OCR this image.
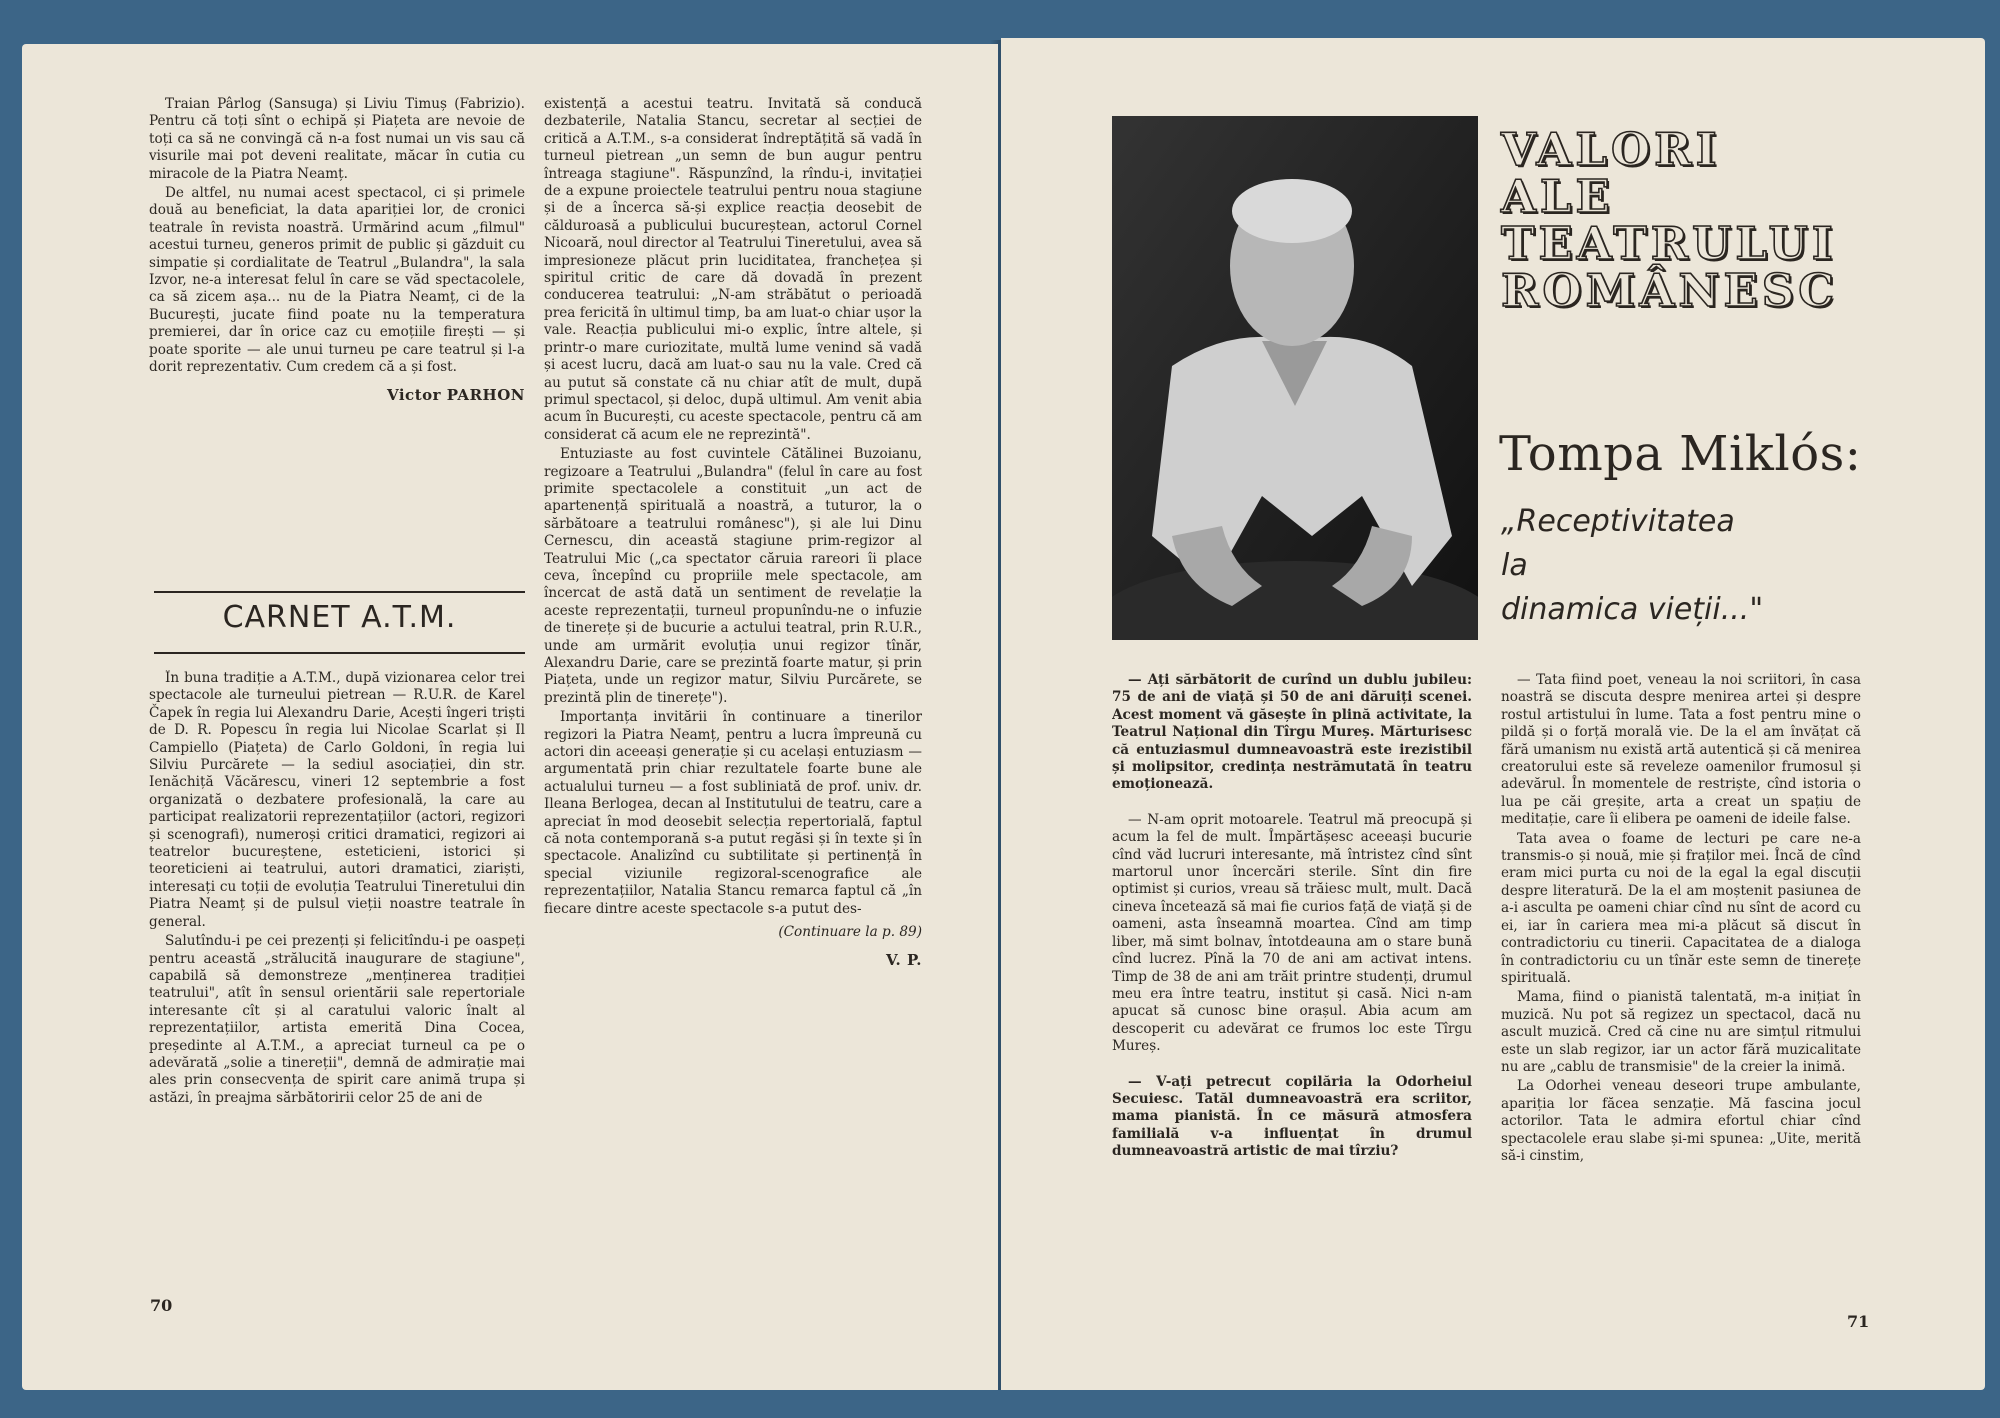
Traian Pârlog (Sansuga) și Liviu Timuș (Fabrizio). Pentru că toți sînt o echipă și Piațeta are nevoie de toți ca să ne convingă că n-a fost numai un vis sau că visurile mai pot deveni realitate, măcar în cutia cu miracole de la Piatra Neamț.

De altfel, nu numai acest spectacol, ci și primele două au beneficiat, la data apariției lor, de cronici teatrale în revista noastră. Urmărind acum „filmul" acestui turneu, generos primit de public și găzduit cu simpatie și cordialitate de Teatrul „Bulandra", la sala Izvor, ne-a interesat felul în care se văd spectacolele, ca să zicem așa... nu de la Piatra Neamț, ci de la București, jucate fiind poate nu la temperatura premierei, dar în orice caz cu emoțiile firești — și poate sporite — ale unui turneu pe care teatrul și l-a dorit reprezentativ. Cum credem că a și fost.

Victor PARHON
CARNET A.T.M.

În buna tradiție a A.T.M., după vizionarea celor trei spectacole ale turneului pietrean — R.U.R. de Karel Čapek în regia lui Alexandru Darie, Acești îngeri triști de D. R. Popescu în regia lui Nicolae Scarlat și Il Campiello (Piațeta) de Carlo Goldoni, în regia lui Silviu Purcărete — la sediul asociației, din str. Ienăchiță Văcărescu, vineri 12 septembrie a fost organizată o dezbatere profesională, la care au participat realizatorii reprezentațiilor (actori, regizori și scenografi), numeroși critici dramatici, regizori ai teatrelor bucureștene, esteticieni, istorici și teoreticieni ai teatrului, autori dramatici, ziariști, interesați cu toții de evoluția Teatrului Tineretului din Piatra Neamț și de pulsul vieții noastre teatrale în general.

Salutîndu-i pe cei prezenți și felicitîndu-i pe oaspeți pentru această „strălucită inaugurare de stagiune", capabilă să demonstreze „menținerea tradiției teatrului", atît în sensul orientării sale repertoriale interesante cît și al caratului valoric înalt al reprezentațiilor, artista emerită Dina Cocea, președinte al A.T.M., a apreciat turneul ca pe o adevărată „solie a tinereții", demnă de admirație mai ales prin consecvența de spirit care animă trupa și astăzi, în preajma sărbătoririi celor 25 de ani de

existență a acestui teatru. Invitată să conducă dezbaterile, Natalia Stancu, secretar al secției de critică a A.T.M., s-a considerat îndreptățită să vadă în turneul pietrean „un semn de bun augur pentru întreaga stagiune". Răspunzînd, la rîndu-i, invitației de a expune proiectele teatrului pentru noua stagiune și de a încerca să-și explice reacția deosebit de călduroasă a publicului bucureștean, actorul Cornel Nicoară, noul director al Teatrului Tineretului, avea să impresioneze plăcut prin luciditatea, franchețea și spiritul critic de care dă dovadă în prezent conducerea teatrului: „N-am străbătut o perioadă prea fericită în ultimul timp, ba am luat-o chiar ușor la vale. Reacția publicului mi-o explic, între altele, și printr-o mare curiozitate, multă lume venind să vadă și acest lucru, dacă am luat-o sau nu la vale. Cred că au putut să constate că nu chiar atît de mult, după primul spectacol, și deloc, după ultimul. Am venit abia acum în București, cu aceste spectacole, pentru că am considerat că acum ele ne reprezintă".

Entuziaste au fost cuvintele Cătălinei Buzoianu, regizoare a Teatrului „Bulandra" (felul în care au fost primite spectacolele a constituit „un act de apartenență spirituală a noastră, a tuturor, la o sărbătoare a teatrului românesc"), și ale lui Dinu Cernescu, din această stagiune prim-regizor al Teatrului Mic („ca spectator căruia rareori îi place ceva, începînd cu propriile mele spectacole, am încercat de astă dată un sentiment de revelație la aceste reprezentații, turneul propunîndu-ne o infuzie de tinerețe și de bucurie a actului teatral, prin R.U.R., unde am urmărit evoluția unui regizor tînăr, Alexandru Darie, care se prezintă foarte matur, și prin Piațeta, unde un regizor matur, Silviu Purcărete, se prezintă plin de tinerețe").

Importanța invitării în continuare a tinerilor regizori la Piatra Neamț, pentru a lucra împreună cu actori din aceeași generație și cu același entuziasm — argumentată prin chiar rezultatele foarte bune ale actualului turneu — a fost subliniată de prof. univ. dr. Ileana Berlogea, decan al Institutului de teatru, care a apreciat în mod deosebit selecția repertorială, faptul că nota contemporană s-a putut regăsi și în texte și în spectacole. Analizînd cu subtilitate și pertinență în special viziunile regizoral-scenografice ale reprezentațiilor, Natalia Stancu remarca faptul că „în fiecare dintre aceste spectacole s-a putut des-

(Continuare la p. 89)
V. P.
70
VALORI
ALE
TEATRULUI
ROMÂNESC
Tompa Miklós:
„Receptivitatea
la
dinamica vieții..."

— Ați sărbătorit de curînd un dublu jubileu: 75 de ani de viață și 50 de ani dăruiți scenei. Acest moment vă găsește în plină activitate, la Teatrul Național din Tîrgu Mureș. Mărturisesc că entuziasmul dumneavoastră este irezistibil și molipsitor, credința nestrămutată în teatru emoționează.

— N-am oprit motoarele. Teatrul mă preocupă și acum la fel de mult. Împărtășesc aceeași bucurie cînd văd lucruri interesante, mă întristez cînd sînt martorul unor încercări sterile. Sînt din fire optimist și curios, vreau să trăiesc mult, mult. Dacă cineva încetează să mai fie curios față de viață și de oameni, asta înseamnă moartea. Cînd am timp liber, mă simt bolnav, întotdeauna am o stare bună cînd lucrez. Pînă la 70 de ani am activat intens. Timp de 38 de ani am trăit printre studenți, drumul meu era între teatru, institut și casă. Nici n-am apucat să cunosc bine orașul. Abia acum am descoperit cu adevărat ce frumos loc este Tîrgu Mureș.

— V-ați petrecut copilăria la Odorheiul Secuiesc. Tatăl dumneavoastră era scriitor, mama pianistă. În ce măsură atmosfera familială v-a influențat în drumul dumneavoastră artistic de mai tîrziu?

— Tata fiind poet, veneau la noi scriitori, în casa noastră se discuta despre menirea artei și despre rostul artistului în lume. Tata a fost pentru mine o pildă și o forță morală vie. De la el am învățat că fără umanism nu există artă autentică și că menirea creatorului este să reveleze oamenilor frumosul și adevărul. În momentele de restriște, cînd istoria o lua pe căi greșite, arta a creat un spațiu de meditație, care îi elibera pe oameni de ideile false.

Tata avea o foame de lecturi pe care ne-a transmis-o și nouă, mie și fraților mei. Încă de cînd eram mici purta cu noi de la egal la egal discuții despre literatură. De la el am moștenit pasiunea de a-i asculta pe oameni chiar cînd nu sînt de acord cu ei, iar în cariera mea mi-a plăcut să discut în contradictoriu cu tinerii. Capacitatea de a dialoga în contradictoriu cu un tînăr este semn de tinerețe spirituală.

Mama, fiind o pianistă talentată, m-a inițiat în muzică. Nu pot să regizez un spectacol, dacă nu ascult muzică. Cred că cine nu are simțul ritmului este un slab regizor, iar un actor fără muzicalitate nu are „cablu de transmisie" de la creier la inimă.

La Odorhei veneau deseori trupe ambulante, apariția lor făcea senzație. Mă fascina jocul actorilor. Tata le admira efortul chiar cînd spectacolele erau slabe și-mi spunea: „Uite, merită să-i cinstim,

71
